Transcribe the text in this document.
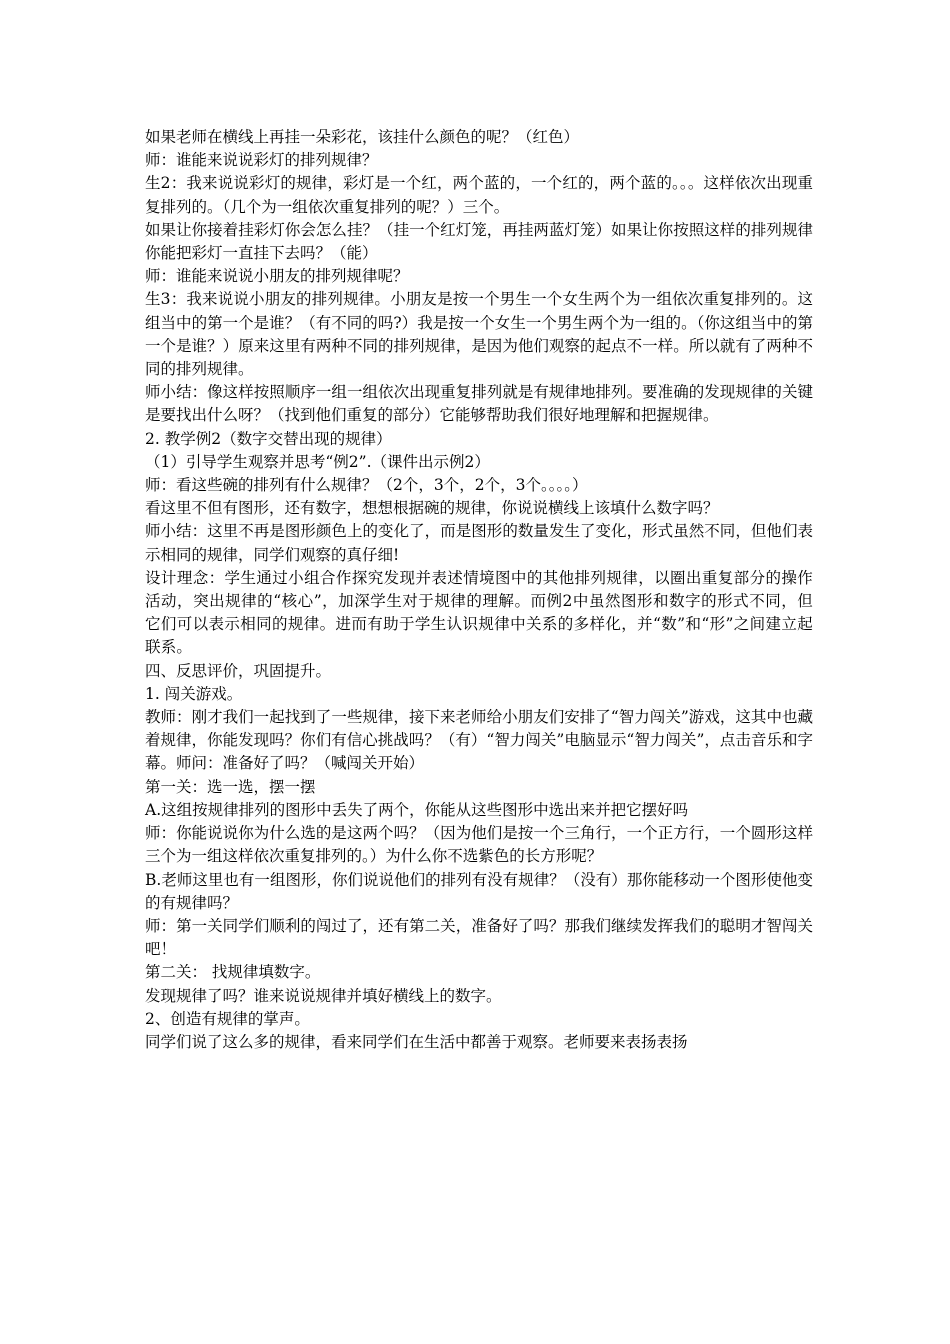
如果老师在横线上再挂一朵彩花，该挂什么颜色的呢？（红色）

师：谁能来说说彩灯的排列规律？

生2：我来说说彩灯的规律，彩灯是一个红，两个蓝的，一个红的，两个蓝的。。。这样依次出现重复排列的。（几个为一组依次重复排列的呢？）三个。

如果让你接着挂彩灯你会怎么挂？（挂一个红灯笼，再挂两蓝灯笼）如果让你按照这样的排列规律你能把彩灯一直挂下去吗？（能）

师：谁能来说说小朋友的排列规律呢？

生3：我来说说小朋友的排列规律。小朋友是按一个男生一个女生两个为一组依次重复排列的。这组当中的第一个是谁？（有不同的吗?）我是按一个女生一个男生两个为一组的。（你这组当中的第一个是谁？）原来这里有两种不同的排列规律，是因为他们观察的起点不一样。所以就有了两种不同的排列规律。

师小结：像这样按照顺序一组一组依次出现重复排列就是有规律地排列。要准确的发现规律的关键是要找出什么呀？（找到他们重复的部分）它能够帮助我们很好地理解和把握规律。

2. 教学例2（数字交替出现的规律）

（1）引导学生观察并思考“例2”.（课件出示例2）

师：看这些碗的排列有什么规律？（2个，3个，2个，3个。。。。）

看这里不但有图形，还有数字，想想根据碗的规律，你说说横线上该填什么数字吗？

师小结：这里不再是图形颜色上的变化了，而是图形的数量发生了变化，形式虽然不同，但他们表示相同的规律，同学们观察的真仔细!

设计理念：学生通过小组合作探究发现并表述情境图中的其他排列规律，以圈出重复部分的操作活动，突出规律的“核心”，加深学生对于规律的理解。而例2中虽然图形和数字的形式不同，但它们可以表示相同的规律。进而有助于学生认识规律中关系的多样化，并“数”和“形”之间建立起联系。

四、反思评价，巩固提升。

1. 闯关游戏。

教师：刚才我们一起找到了一些规律，接下来老师给小朋友们安排了“智力闯关”游戏，这其中也藏着规律，你能发现吗？你们有信心挑战吗？（有）“智力闯关”电脑显示“智力闯关”，点击音乐和字幕。师问：准备好了吗？（喊闯关开始）

第一关：选一选，摆一摆

A.这组按规律排列的图形中丢失了两个，你能从这些图形中选出来并把它摆好吗

师：你能说说你为什么选的是这两个吗？（因为他们是按一个三角行，一个正方行，一个圆形这样三个为一组这样依次重复排列的。）为什么你不选紫色的长方形呢？

B.老师这里也有一组图形，你们说说他们的排列有没有规律？（没有）那你能移动一个图形使他变的有规律吗？

师：第一关同学们顺利的闯过了，还有第二关，准备好了吗？那我们继续发挥我们的聪明才智闯关吧！

第二关： 找规律填数字。

发现规律了吗？谁来说说规律并填好横线上的数字。

2、创造有规律的掌声。

同学们说了这么多的规律，看来同学们在生活中都善于观察。老师要来表扬表扬
